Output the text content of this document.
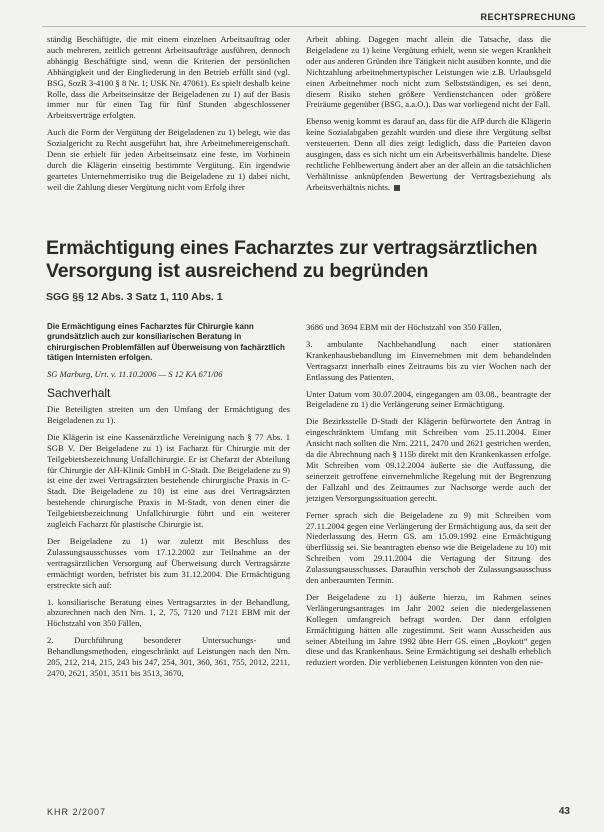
RECHTSPRECHUNG

ständig Beschäftigte, die mit einem einzelnen Arbeitsauftrag oder auch mehreren, zeitlich getrennt Arbeitsaufträge ausführen, dennoch abhängig Beschäftigte sind, wenn die Kriterien der persönlichen Abhängigkeit und der Eingliederung in den Betrieb erfüllt sind (vgl. BSG, SozR 3-4100 § 8 Nr. 1; USK Nr. 47061). Es spielt deshalb keine Rolle, dass die Arbeitseinsätze der Beigeladenen zu 1) auf der Basis immer nur für einen Tag für fünf Stunden abgeschlossener Arbeitsverträge erfolgten.

Auch die Form der Vergütung der Beigeladenen zu 1) belegt, wie das Sozialgericht zu Recht ausgeführt hat, ihre Arbeitnehmereigenschaft. Denn sie erhielt für jeden Arbeitseinsatz eine feste, im Vorhinein durch die Klägerin einseitig bestimmte Vergütung. Ein irgendwie geartetes Unternehmerrisiko trug die Beigeladene zu 1) dabei nicht, weil die Zahlung dieser Vergütung nicht vom Erfolg ihrer

Arbeit abhing. Dagegen macht allein die Tatsache, dass die Beigeladene zu 1) keine Vergütung erhielt, wenn sie wegen Krankheit oder aus anderen Gründen ihre Tätigkeit nicht ausüben konnte, und die Nichtzahlung arbeitnehmertypischer Leistungen wie z.B. Urlaubsgeld einen Arbeitnehmer noch nicht zum Selbstständigen, es sei denn, diesem Risiko stehen größere Verdienstchancen oder größere Freiräume gegenüber (BSG, a.a.O.). Das war vorliegend nicht der Fall.

Ebenso wenig kommt es darauf an, dass für die AfP durch die Klägerin keine Sozialabgaben gezahlt wurden und diese ihre Vergütung selbst versteuerten. Denn all dies zeigt lediglich, dass die Parteien davon ausgingen, dass es sich nicht um ein Arbeitsverhältnis handelte. Diese rechtliche Fehlbewertung ändert aber an der allein an die tatsächlichen Verhältnisse anknüpfenden Bewertung der Vertragsbeziehung als Arbeitsverhältnis nichts.

Ermächtigung eines Facharztes zur vertragsärztlichen Versorgung ist ausreichend zu begründen
SGG §§ 12 Abs. 3 Satz 1, 110 Abs. 1

Die Ermächtigung eines Facharztes für Chirurgie kann grundsätzlich auch zur konsiliarischen Beratung in chirurgischen Problemfällen auf Überweisung von fachärztlich tätigen Internisten erfolgen.

SG Marburg, Urt. v. 11.10.2006 — S 12 KA 671/06

Sachverhalt

Die Beteiligten streiten um den Umfang der Ermächtigung des Beigeladenen zu 1).

Die Klägerin ist eine Kassenärztliche Vereinigung nach § 77 Abs. 1 SGB V. Der Beigeladene zu 1) ist Facharzt für Chirurgie mit der Teilgebietsbezeichnung Unfallchirurgie. Er ist Chefarzt der Abteilung für Chirurgie der AH-Klinik GmbH in C-Stadt. Die Beigeladene zu 9) ist eine der zwei Vertragsärzten bestehende chirurgische Praxis in C-Stadt. Die Beigeladene zu 10) ist eine aus drei Vertragsärzten bestehende chirurgische Praxis in M-Stadt, von denen einer die Teilgebietsbezeichnung Unfallchirurgie führt und ein weiterer zugleich Facharzt für plastische Chirurgie ist.

Der Beigeladene zu 1) war zuletzt mit Beschluss des Zulassungsausschusses vom 17.12.2002 zur Teilnahme an der vertragsärztlichen Versorgung auf Überweisung durch Vertragsärzte ermächtigt worden, befristet bis zum 31.12.2004. Die Ermächtigung erstreckte sich auf:

1. konsiliarische Beratung eines Vertragsarztes in der Behandlung, abzurechnen nach den Nrn. 1, 2, 75, 7120 und 7121 EBM mit der Höchstzahl von 350 Fällen,

2. Durchführung besonderer Untersuchungs- und Behandlungsmethoden, eingeschränkt auf Leistungen nach den Nrn. 205, 212, 214, 215, 243 bis 247, 254, 301, 360, 361, 755, 2012, 2211, 2470, 2621, 3501, 3511 bis 3513, 3670,

3686 und 3694 EBM mit der Höchstzahl von 350 Fällen,

3. ambulante Nachbehandlung nach einer stationären Krankenhausbehandlung im Einvernehmen mit dem behandelnden Vertragsarzt innerhalb eines Zeitraums bis zu vier Wochen nach der Entlassung des Patienten.

Unter Datum vom 30.07.2004, eingegangen am 03.08., beantragte der Beigeladene zu 1) die Verlängerung seiner Ermächtigung.

Die Bezirksstelle D-Stadt der Klägerin befürwortete den Antrag in eingeschränktem Umfang mit Schreiben vom 25.11.2004. Einer Ansicht nach sollten die Nrn. 2211, 2470 und 2621 gestrichen werden, da die Abrechnung nach § 115b direkt mit den Krankenkassen erfolge. Mit Schreiben vom 09.12.2004 äußerte sie die Auffassung, die seinerzeit getroffene einvernehmliche Regelung mit der Begrenzung der Fallzahl und des Zeitraumes zur Nachsorge werde auch der jetzigen Versorgungssituation gerecht.

Ferner sprach sich die Beigeladene zu 9) mit Schreiben vom 27.11.2004 gegen eine Verlängerung der Ermächtigung aus, da seit der Niederlassung des Herrn GS. am 15.09.1992 eine Ermächtigung überflüssig sei. Sie beantragten ebenso wie die Beigeladene zu 10) mit Schreiben vom 29.11.2004 die Vertagung der Sitzung des Zulassungsausschusses. Daraufhin verschob der Zulassungsausschuss den anberaumten Termin.

Der Beigeladene zu 1) äußerte hierzu, im Rahmen seines Verlängerungsantrages im Jahr 2002 seien die niedergelassenen Kollegen umfangreich befragt worden. Der dann erfolgten Ermächtigung hätten alle zugestimmt. Seit wann Ausscheiden aus seiner Abteilung im Jahre 1992 übte Herr GS. einen „Boykott“ gegen diese und das Krankenhaus. Seine Ermächtigung sei deshalb erheblich reduziert worden. Die verbliebenen Leistungen könnten von den nie-

KHR 2/2007	43
